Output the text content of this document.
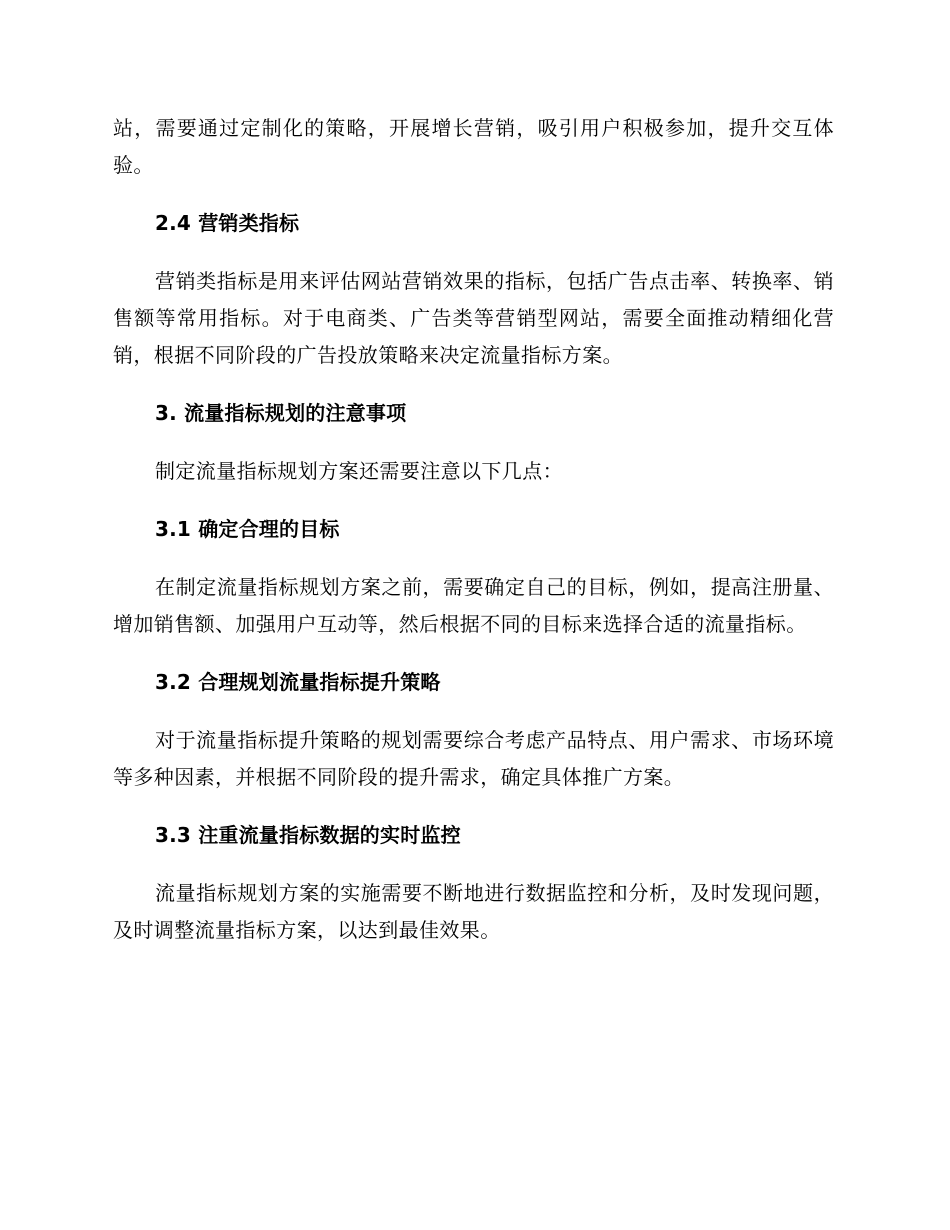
站，需要通过定制化的策略，开展增长营销，吸引用户积极参加，提升交互体验。

2.4 营销类指标

营销类指标是用来评估网站营销效果的指标，包括广告点击率、转换率、销售额等常用指标。对于电商类、广告类等营销型网站，需要全面推动精细化营销，根据不同阶段的广告投放策略来决定流量指标方案。

3. 流量指标规划的注意事项

制定流量指标规划方案还需要注意以下几点：

3.1 确定合理的目标

在制定流量指标规划方案之前，需要确定自己的目标，例如，提高注册量、增加销售额、加强用户互动等，然后根据不同的目标来选择合适的流量指标。

3.2 合理规划流量指标提升策略

对于流量指标提升策略的规划需要综合考虑产品特点、用户需求、市场环境等多种因素，并根据不同阶段的提升需求，确定具体推广方案。

3.3 注重流量指标数据的实时监控

流量指标规划方案的实施需要不断地进行数据监控和分析，及时发现问题，及时调整流量指标方案，以达到最佳效果。
